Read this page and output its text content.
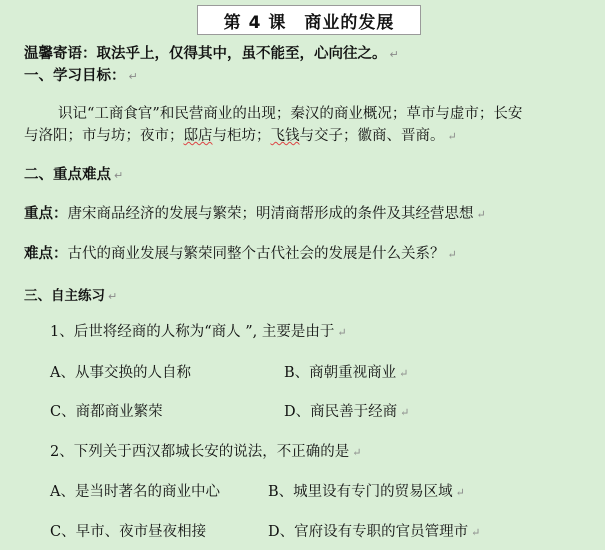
第 4 课　商业的发展
温馨寄语：取法乎上，仅得其中，虽不能至，心向往之。 ↵
一、学习目标： ↵
识记“工商食官”和民营商业的出现；秦汉的商业概况；草市与虚市；长安
与洛阳；市与坊；夜市；邸店与柜坊；飞钱与交子；徽商、晋商。 ↵
二、重点难点 ↵
重点：唐宋商品经济的发展与繁荣；明清商帮形成的条件及其经营思想 ↵
难点：古代的商业发展与繁荣同整个古代社会的发展是什么关系？ ↵
三、自主练习 ↵
1、后世将经商的人称为“商人 ”, 主要是由于 ↵
A、从事交换的人自称	B、商朝重视商业 ↵
C、商都商业繁荣	D、商民善于经商 ↵
2、下列关于西汉都城长安的说法，不正确的是 ↵
A、是当时著名的商业中心	B、城里设有专门的贸易区域 ↵
C、早市、夜市昼夜相接	D、官府设有专职的官员管理市 ↵
